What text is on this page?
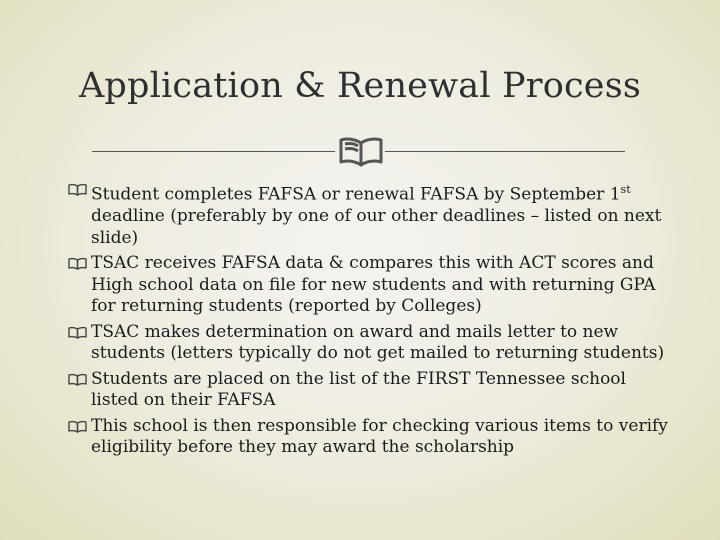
Application & Renewal Process
Student completes FAFSA or renewal FAFSA by September 1st deadline (preferably by one of our other deadlines – listed on next slide)
TSAC receives FAFSA data & compares this with ACT scores and High school data on file for new students and with returning GPA for returning students (reported by Colleges)
TSAC makes determination on award and mails letter to new students (letters typically do not get mailed to returning students)
Students are placed on the list of the FIRST Tennessee school listed on their FAFSA
This school is then responsible for checking various items to verify eligibility before they may award the scholarship
